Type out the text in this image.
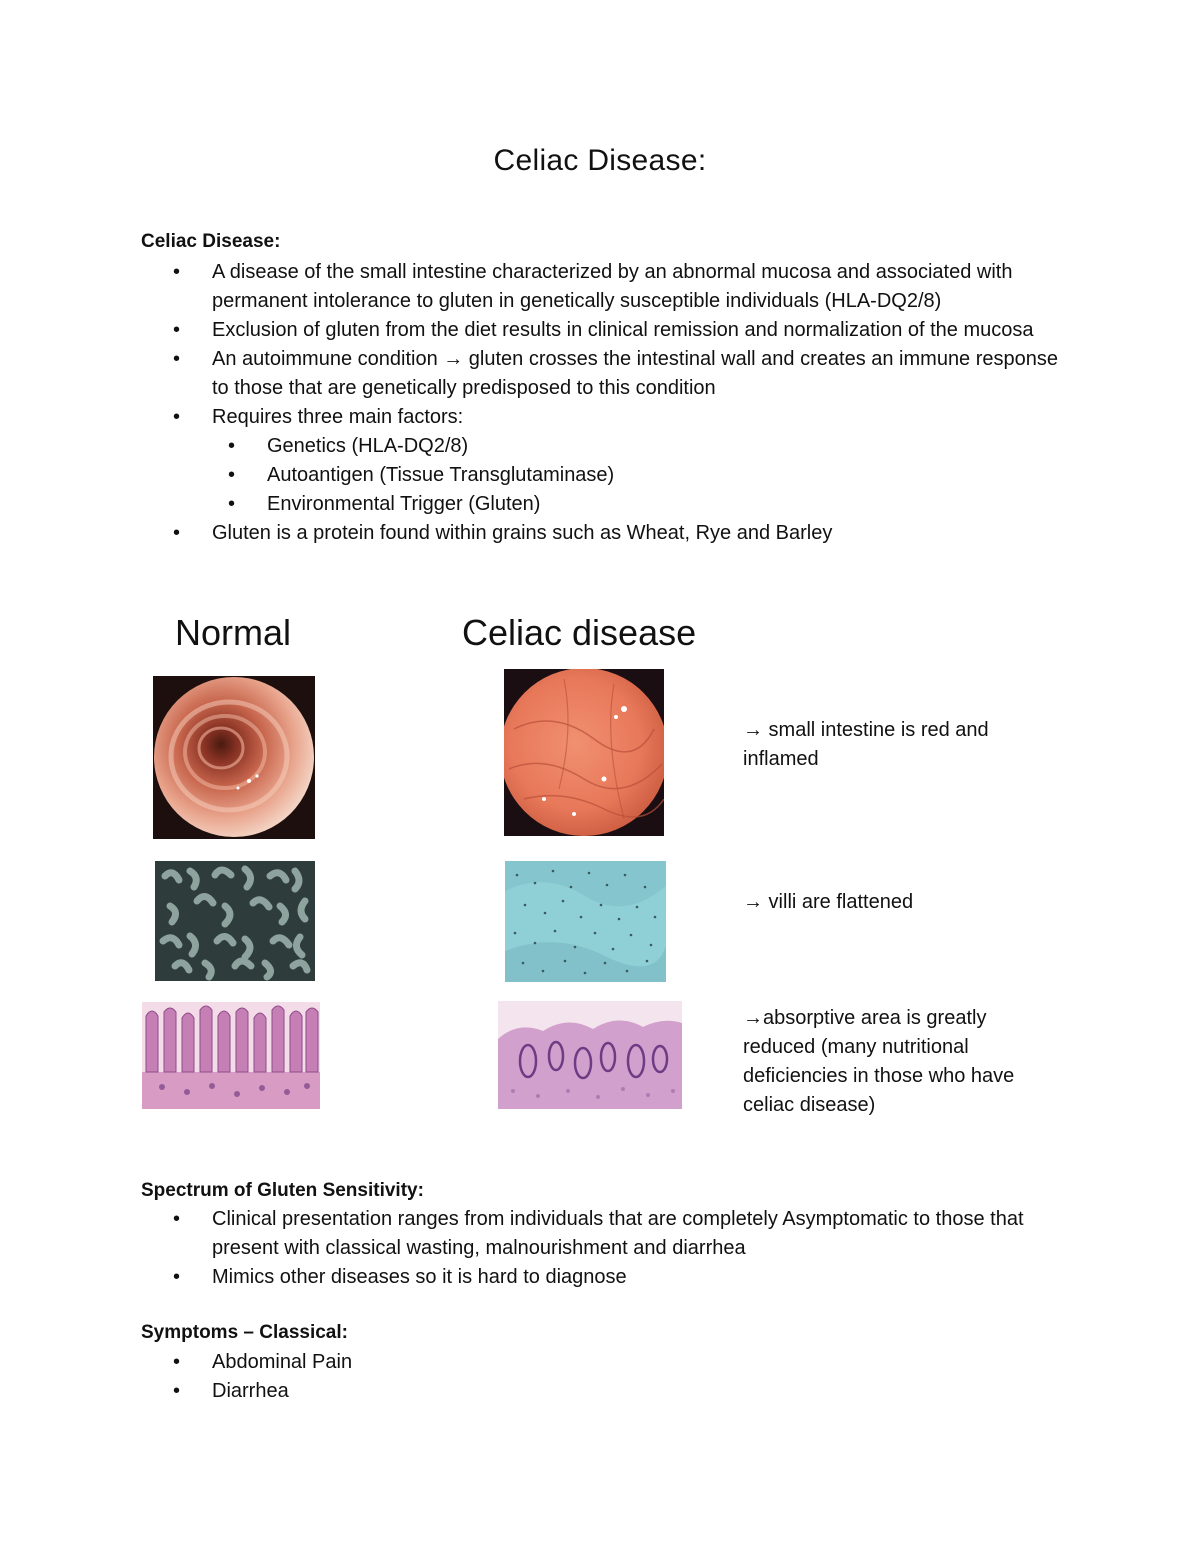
Celiac Disease:
Celiac Disease:
• A disease of the small intestine characterized by an abnormal mucosa and associated with permanent intolerance to gluten in genetically susceptible individuals (HLA-DQ2/8)
• Exclusion of gluten from the diet results in clinical remission and normalization of the mucosa
• An autoimmune condition → gluten crosses the intestinal wall and creates an immune response to those that are genetically predisposed to this condition
• Requires three main factors:
• Genetics (HLA-DQ2/8)
• Autoantigen (Tissue Transglutaminase)
• Environmental Trigger (Gluten)
• Gluten is a protein found within grains such as Wheat, Rye and Barley
Normal	Celiac disease
→ small intestine is red and inflamed
→ villi are flattened
→absorptive area is greatly reduced (many nutritional deficiencies in those who have celiac disease)
Spectrum of Gluten Sensitivity:
• Clinical presentation ranges from individuals that are completely Asymptomatic to those that present with classical wasting, malnourishment and diarrhea
• Mimics other diseases so it is hard to diagnose
Symptoms – Classical:
• Abdominal Pain
• Diarrhea
